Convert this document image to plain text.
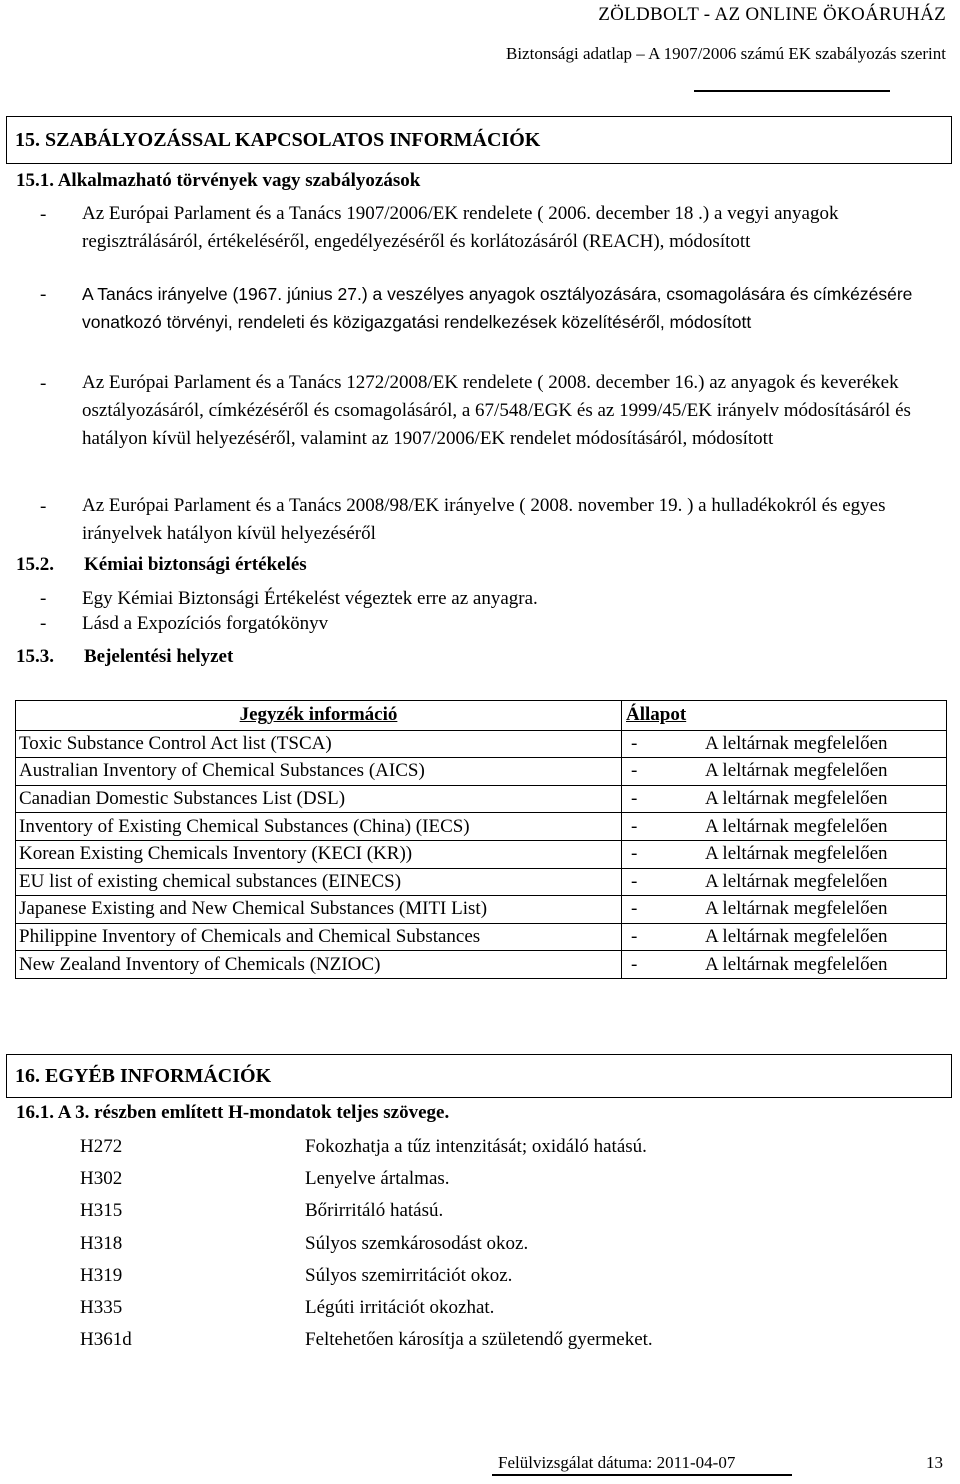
ZÖLDBOLT - AZ ONLINE ÖKOÁRUHÁZ
Biztonsági adatlap – A 1907/2006 számú EK szabályozás szerint
15. SZABÁLYOZÁSSAL KAPCSOLATOS INFORMÁCIÓK
15.1. Alkalmazható törvények vagy szabályozások
- Az Európai Parlament és a Tanács 1907/2006/EK rendelete ( 2006. december 18 .) a vegyi anyagok regisztrálásáról, értékeléséről, engedélyezéséről és korlátozásáról (REACH), módosított
- A Tanács irányelve (1967. június 27.) a veszélyes anyagok osztályozására, csomagolására és címkézésére vonatkozó törvényi, rendeleti és közigazgatási rendelkezések közelítéséről, módosított
- Az Európai Parlament és a Tanács 1272/2008/EK rendelete ( 2008. december 16.) az anyagok és keverékek osztályozásáról, címkézéséről és csomagolásáról, a 67/548/EGK és az 1999/45/EK irányelv módosításáról és hatályon kívül helyezéséről, valamint az 1907/2006/EK rendelet módosításáról, módosított
- Az Európai Parlament és a Tanács 2008/98/EK irányelve ( 2008. november 19. ) a hulladékokról és egyes irányelvek hatályon kívül helyezéséről
15.2. Kémiai biztonsági értékelés
- Egy Kémiai Biztonsági Értékelést végeztek erre az anyagra.
- Lásd a Expozíciós forgatókönyv
15.3. Bejelentési helyzet
Jegyzék információ	Állapot
Toxic Substance Control Act list (TSCA)	- A leltárnak megfelelően
Australian Inventory of Chemical Substances (AICS)	- A leltárnak megfelelően
Canadian Domestic Substances List (DSL)	- A leltárnak megfelelően
Inventory of Existing Chemical Substances (China) (IECS)	- A leltárnak megfelelően
Korean Existing Chemicals Inventory (KECI (KR))	- A leltárnak megfelelően
EU list of existing chemical substances (EINECS)	- A leltárnak megfelelően
Japanese Existing and New Chemical Substances (MITI List)	- A leltárnak megfelelően
Philippine Inventory of Chemicals and Chemical Substances	- A leltárnak megfelelően
New Zealand Inventory of Chemicals (NZIOC)	- A leltárnak megfelelően
16. EGYÉB INFORMÁCIÓK
16.1. A 3. részben említett H-mondatok teljes szövege.
H272	Fokozhatja a tűz intenzitását; oxidáló hatású.
H302	Lenyelve ártalmas.
H315	Bőrirritáló hatású.
H318	Súlyos szemkárosodást okoz.
H319	Súlyos szemirritációt okoz.
H335	Légúti irritációt okozhat.
H361d	Feltehetően károsítja a születendő gyermeket.
Felülvizsgálat dátuma: 2011-04-07	13
